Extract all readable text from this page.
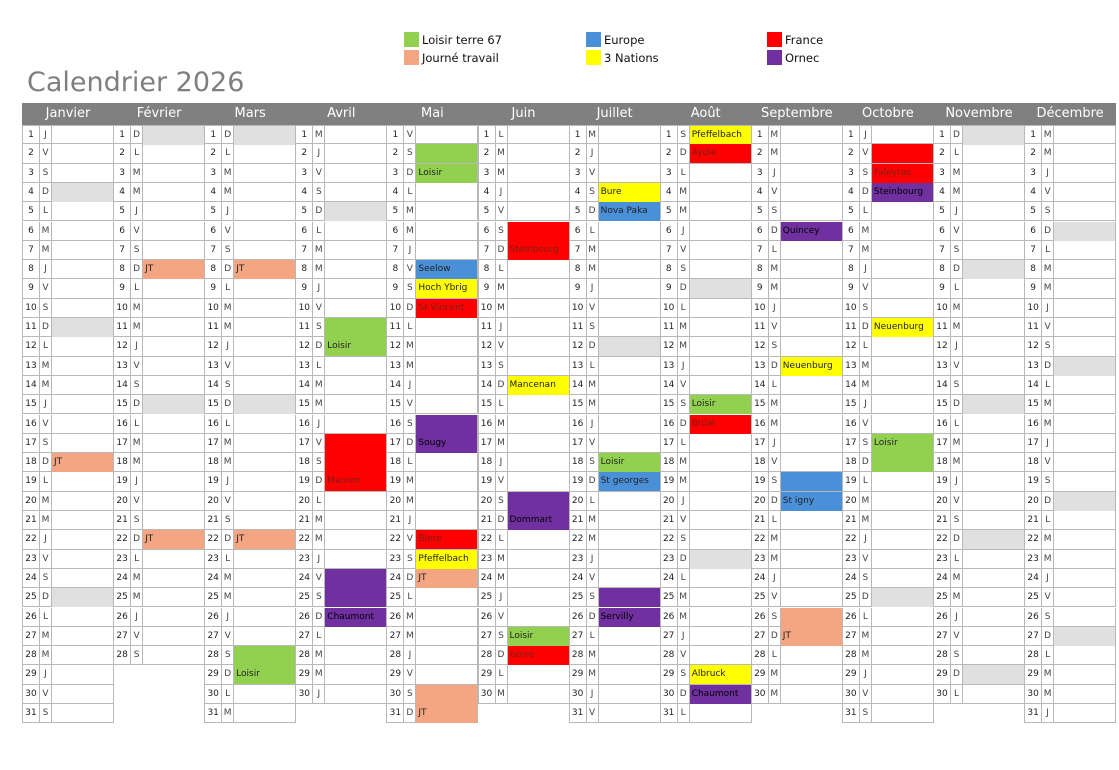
Loisir terre 67
Journé travail
Europe
3 Nations
France
Ornec
Calendrier 2026
Janvier
1	J
2 V
3 S
4 D
5	L
6 M
7 M
8	J
9 V
10 S
11 D
12 L
13 M
14 M
15 J
16 V
17 S
18 D JT
19 L
20 M
21 M
22 J
23 V
24 S
25 D
26 L
27 M
28 M
29 J
30 V
31 S
Février
1 D
2	L
3 M
4 M
5	J
6 V
7 S
8 D JT
9	L
10 M
11 M
12 J
13 V
14 S
15 D
16 L
17 M
18 M
19 J
20 V
21 S
22 D JT
23 L
24 M
25 M
26 J
27 V
28 S
Mars
1 D
2	L
3 M
4 M
5	J
6 V
7 S
8 D JT
9	L
10 M
11 M
12 J
13 V
14 S
15 D
16 L
17 M
18 M
19 J
20 V
21 S
22 D JT
23 L
24 M
25 M
26 J
27 V
28 S
29 D Loisir
30 L
31 M
Avril
1 M
2	J
3 V
4 S
5 D
6	L
7 M
8 M
9	J
10 V
11 S
12 D Loisir
13 L
14 M
15 M
16 J
17 V
18 S
19 D Mauron
20 L
21 M
22 M
23 J
24 V
25 S
26 D Chaumont
27 L
28 M
29 M
30 J
Mai
1 V
2 S
3 D Loisir
4	L
5 M
6 M
7	J
8 V Seelow
9 S Hoch Ybrig
10 D St Vincent
11 L
12 M
13 M
14 J
15 V
16 S
17 D Sougy
18 L
19 M
20 M
21 J
22 V Blere
23 S Pfeffelbach
24 D JT
25 L
26 M
27 M
28 J
29 V
30 S
31 D JT
Juin
1	L
2 M
3 M
4	J
5 V
6 S
7 D Steinbourg
8	L
9 M
10 M
11 J
12 V
13 S
14 D Mancenan
15 L
16 M
17 M
18 J
19 V
20 S
21 D Dommart
22 L
23 M
24 M
25 J
26 V
27 S Loisir
28 D Isoire
29 L
30 M
Juillet
1 M
2	J
3 V
4 S Bure
5 D Nova Paka
6	L
7 M
8 M
9	J
10 V
11 S
12 D
13 L
14 M
15 M
16 J
17 V
18 S Loisir
19 D St georges
20 L
21 M
22 M
23 J
24 V
25 S
26 D Servilly
27 L
28 M
29 M
30 J
31 V
Août
1 S Pfeffelbach
2 D Aydie
3	L
4 M
5 M
6	J
7 V
8 S
9 D
10 L
11 M
12 M
13 J
14 V
15 S Loisir
16 D Brûlé
17 L
18 M
19 M
20 J
21 V
22 S
23 D
24 L
25 M
26 M
27 J
28 V
29 S Albruck
30 D Chaumont
31 L
Septembre
1 M
2 M
3	J
4 V
5 S
6 D Quincey
7	L
8 M
9 M
10 J
11 V
12 S
13 D Neuenburg
14 L
15 M
16 M
17 J
18 V
19 S
20 D St igny
21 L
22 M
23 M
24 J
25 V
26 S
27 D JT
28 L
29 M
30 M
Octobre
1	J
2 V
3 S Faleyras
4 D Steinbourg
5	L
6 M
7 M
8	J
9 V
10 S
11 D Neuenburg
12 L
13 M
14 M
15 J
16 V
17 S Loisir
18 D
19 L
20 M
21 M
22 J
23 V
24 S
25 D
26 L
27 M
28 M
29 J
30 V
31 S
Novembre
1 D
2	L
3 M
4 M
5	J
6 V
7 S
8 D
9	L
10 M
11 M
12 J
13 V
14 S
15 D
16 L
17 M
18 M
19 J
20 V
21 S
22 D
23 L
24 M
25 M
26 J
27 V
28 S
29 D
30 L
Décembre
1 M
2 M
3	J
4 V
5 S
6 D
7	L
8 M
9 M
10 J
11 V
12 S
13 D
14 L
15 M
16 M
17 J
18 V
19 S
20 D
21 L
22 M
23 M
24 J
25 V
26 S
27 D
28 L
29 M
30 M
31 J
